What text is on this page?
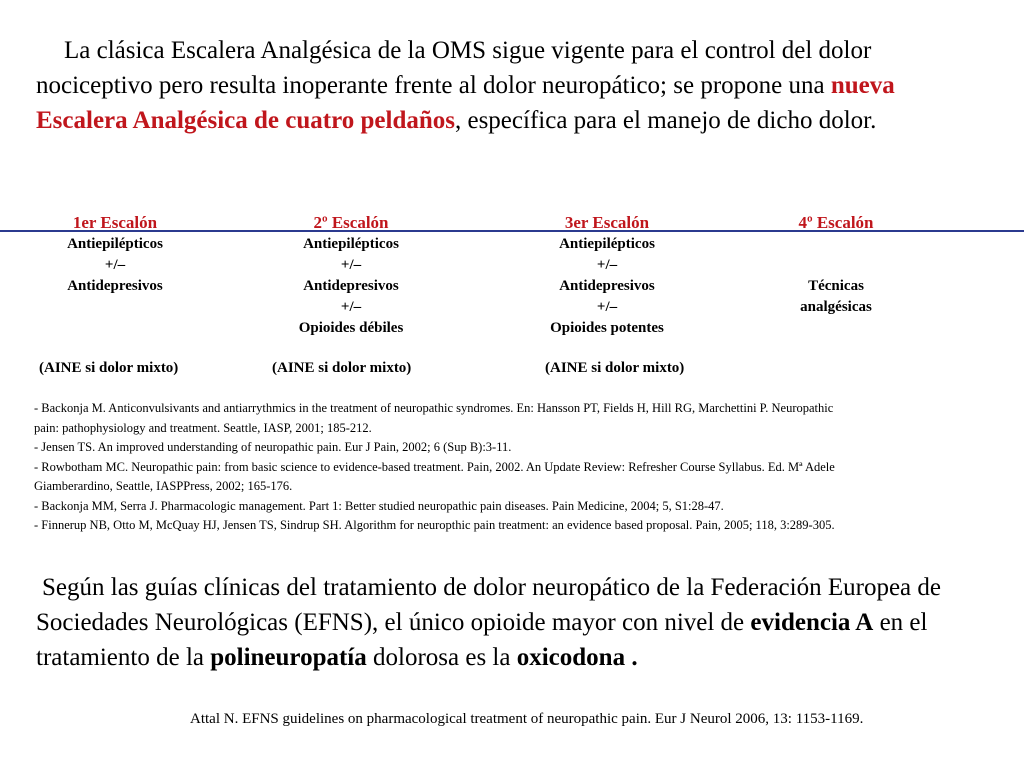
La clásica Escalera Analgésica de la OMS sigue vigente para el control del dolor nociceptivo pero resulta inoperante frente al dolor neuropático; se propone una nueva Escalera Analgésica de cuatro peldaños, específica para el manejo de dicho dolor.

1er Escalón
Antiepilépticos
+/–
Antidepresivos
2º Escalón
Antiepilépticos
+/–
Antidepresivos
+/–
Opioides débiles
3er Escalón
Antiepilépticos
+/–
Antidepresivos
+/–
Opioides potentes
4º Escalón

Técnicas
analgésicas
(AINE si dolor mixto)	(AINE si dolor mixto)	(AINE si dolor mixto)
- Backonja M. Anticonvulsivants and antiarrythmics in the treatment of neuropathic syndromes. En: Hansson PT, Fields H, Hill RG, Marchettini P. Neuropathic
pain: pathophysiology and treatment. Seattle, IASP, 2001; 185-212.
- Jensen TS. An improved understanding of neuropathic pain. Eur J Pain, 2002; 6 (Sup B):3-11.
- Rowbotham MC. Neuropathic pain: from basic science to evidence-based treatment. Pain, 2002. An Update Review: Refresher Course Syllabus. Ed. Mª Adele
Giamberardino, Seattle, IASPPress, 2002; 165-176.
- Backonja MM, Serra J. Pharmacologic management. Part 1: Better studied neuropathic pain diseases. Pain Medicine, 2004; 5, S1:28-47.
- Finnerup NB, Otto M, McQuay HJ, Jensen TS, Sindrup SH. Algorithm for neuropthic pain treatment: an evidence based proposal. Pain, 2005; 118, 3:289-305.

Según las guías clínicas del tratamiento de dolor neuropático de la Federación Europea de Sociedades Neurológicas (EFNS), el único opioide mayor con nivel de evidencia A en el tratamiento de la polineuropatía dolorosa es la oxicodona .

Attal N. EFNS guidelines on pharmacological treatment of neuropathic pain. Eur J Neurol 2006, 13: 1153-1169.
